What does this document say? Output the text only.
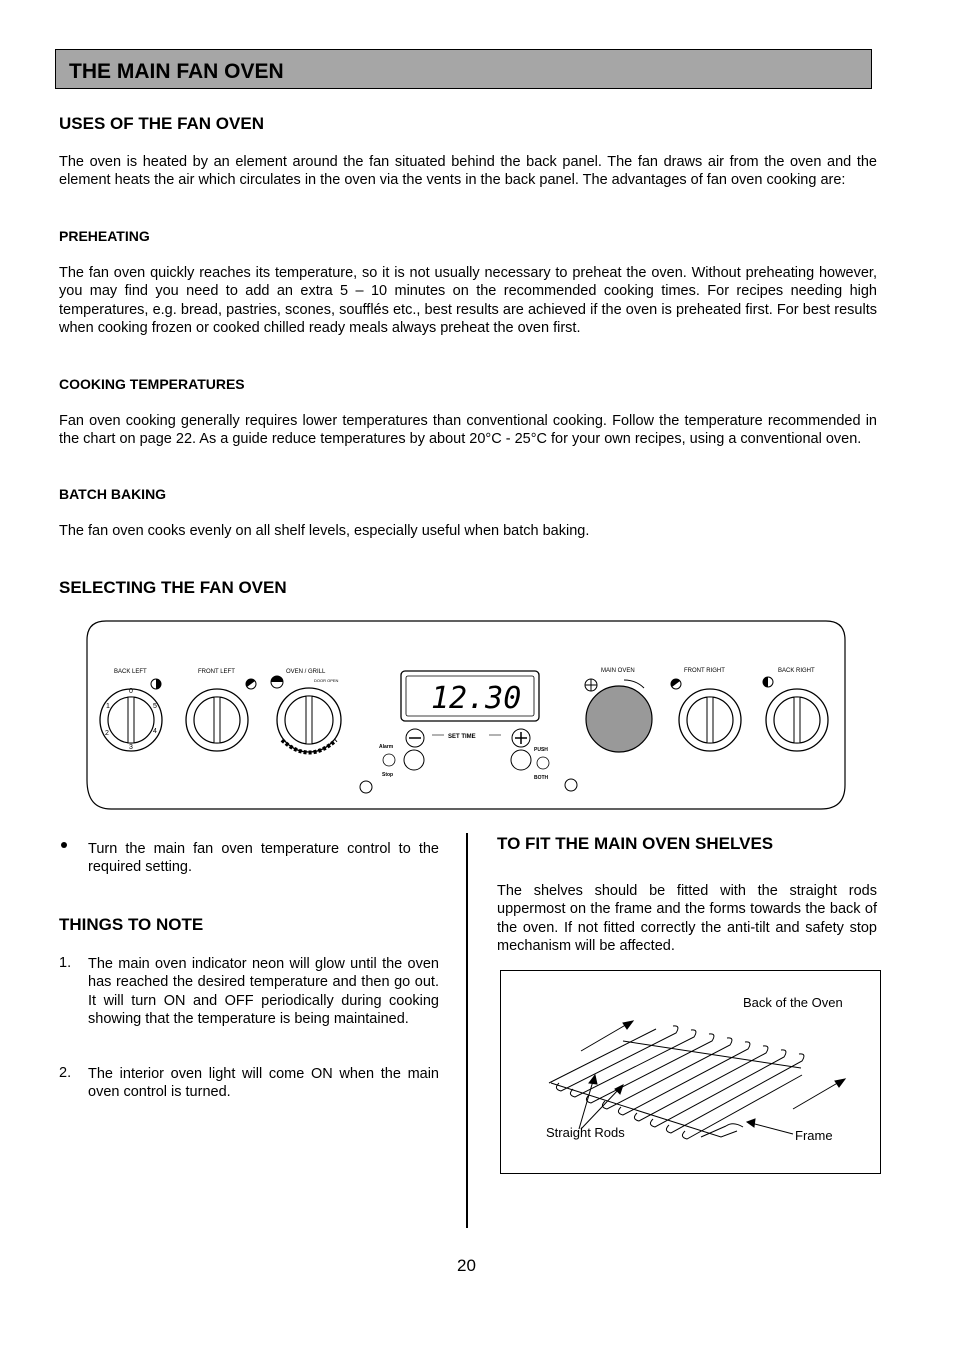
THE MAIN FAN OVEN
USES OF THE FAN OVEN

The oven is heated by an element around the fan situated behind the back panel. The fan draws air from the oven and the element heats the air which circulates in the oven via the vents in the back panel. The advantages of fan oven cooking are:

PREHEATING

The fan oven quickly reaches its temperature, so it is not usually necessary to preheat the oven. Without preheating however, you may find you need to add an extra 5 – 10 minutes on the recommended cooking times. For recipes needing high temperatures, e.g. bread, pastries, scones, soufflés etc., best results are achieved if the oven is preheated first. For best results when cooking frozen or cooked chilled ready meals always preheat the oven first.

COOKING TEMPERATURES

Fan oven cooking generally requires lower temperatures than conventional cooking. Follow the temperature recommended in the chart on page 22. As a guide reduce temperatures by about 20°C - 25°C for your own recipes, using a conventional oven.

BATCH BAKING

The fan oven cooks evenly on all shelf levels, especially useful when batch baking.

SELECTING THE FAN OVEN
BACK LEFT
0
1
2
3
4
5
FRONT LEFT	OVEN / GRILL
DOOR OPEN
12.30
SET TIME
Alarm
Stop
PUSH
BOTH
MAIN OVEN	FRONT RIGHT	BACK RIGHT

Turn the main fan oven temperature control to the required setting.

THINGS TO NOTE
1. The main oven indicator neon will glow until the oven has reached the desired temperature and then go out. It will turn ON and OFF periodically during cooking showing that the temperature is being maintained.

2. The interior oven light will come ON when the main oven control is turned.

TO FIT THE MAIN OVEN SHELVES

The shelves should be fitted with the straight rods uppermost on the frame and the forms towards the back of the oven. If not fitted correctly the anti-tilt and safety stop mechanism will be affected.

Back of the Oven
Straight Rods	Frame
20
